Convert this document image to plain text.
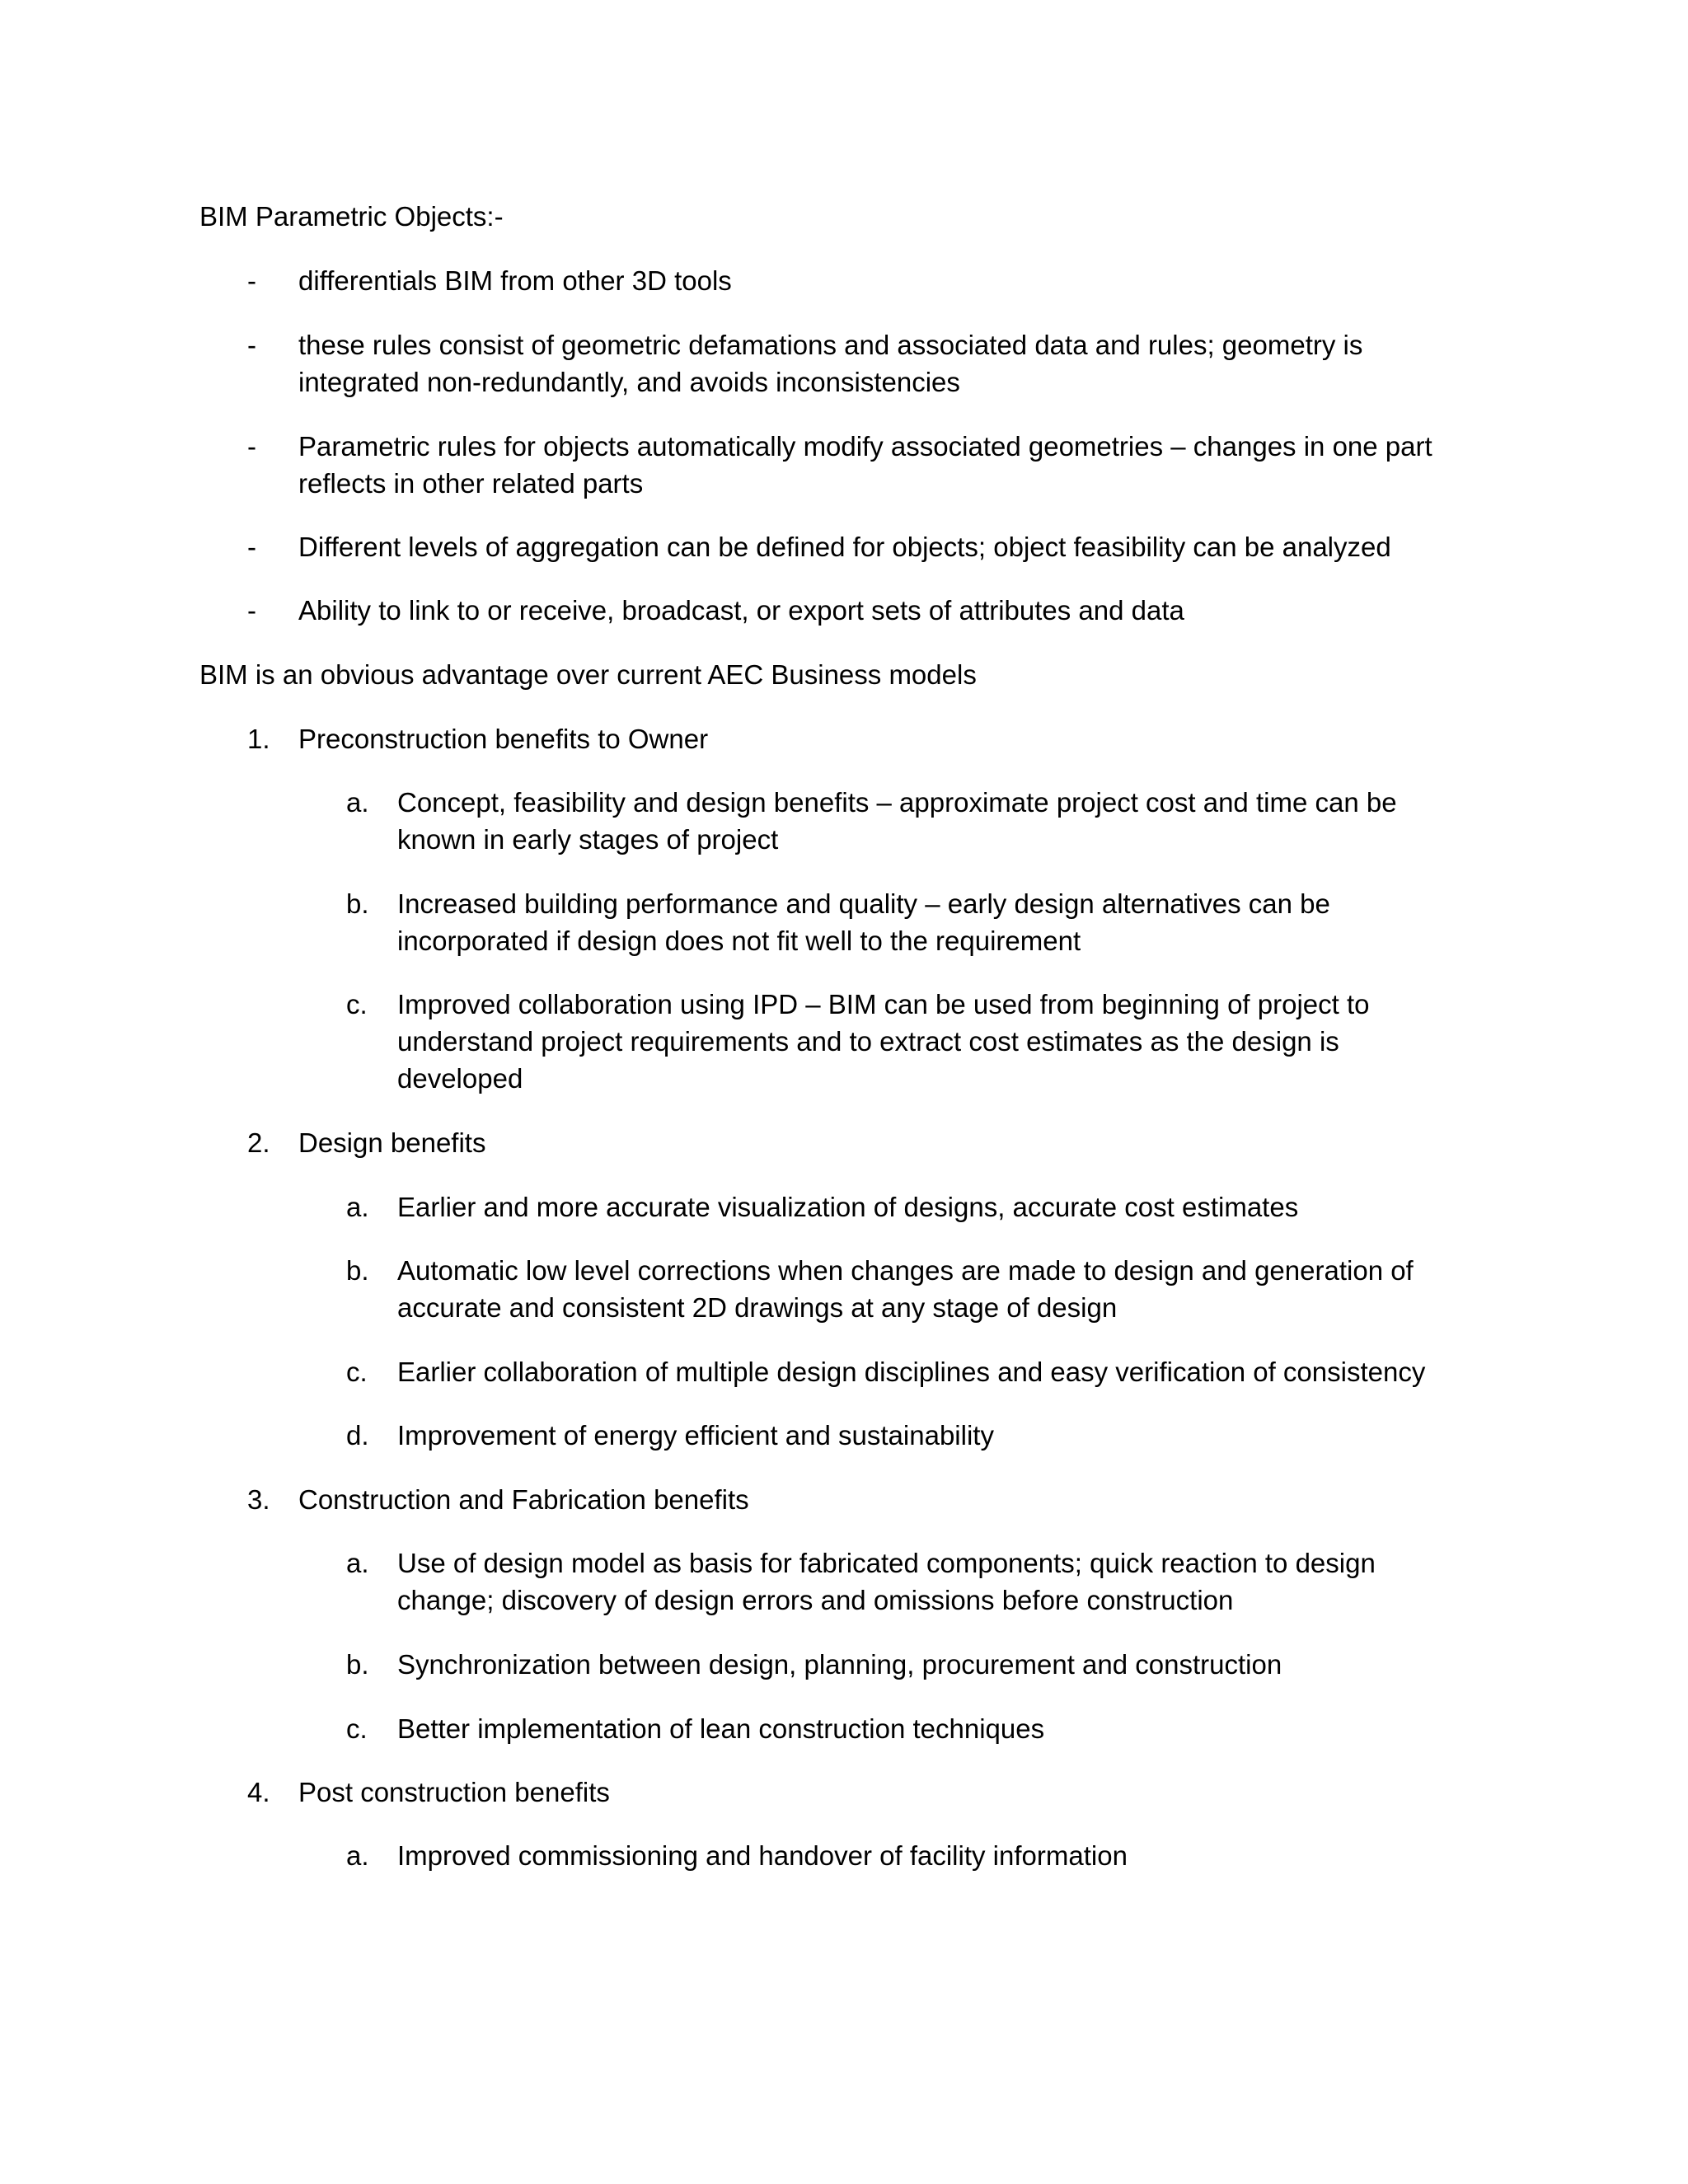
BIM Parametric Objects:-
- differentials BIM from other 3D tools
- these rules consist of geometric defamations and associated data and rules; geometry is
integrated non-redundantly, and avoids inconsistencies
- Parametric rules for objects automatically modify associated geometries – changes in one part
reflects in other related parts
- Different levels of aggregation can be defined for objects; object feasibility can be analyzed
- Ability to link to or receive, broadcast, or export sets of attributes and data
BIM is an obvious advantage over current AEC Business models
1. Preconstruction benefits to Owner
a. Concept, feasibility and design benefits – approximate project cost and time can be
known in early stages of project
b. Increased building performance and quality – early design alternatives can be
incorporated if design does not fit well to the requirement
c. Improved collaboration using IPD – BIM can be used from beginning of project to
understand project requirements and to extract cost estimates as the design is
developed
2. Design benefits
a. Earlier and more accurate visualization of designs, accurate cost estimates
b. Automatic low level corrections when changes are made to design and generation of
accurate and consistent 2D drawings at any stage of design
c. Earlier collaboration of multiple design disciplines and easy verification of consistency
d. Improvement of energy efficient and sustainability
3. Construction and Fabrication benefits
a. Use of design model as basis for fabricated components; quick reaction to design
change; discovery of design errors and omissions before construction
b. Synchronization between design, planning, procurement and construction
c. Better implementation of lean construction techniques
4. Post construction benefits
a. Improved commissioning and handover of facility information
